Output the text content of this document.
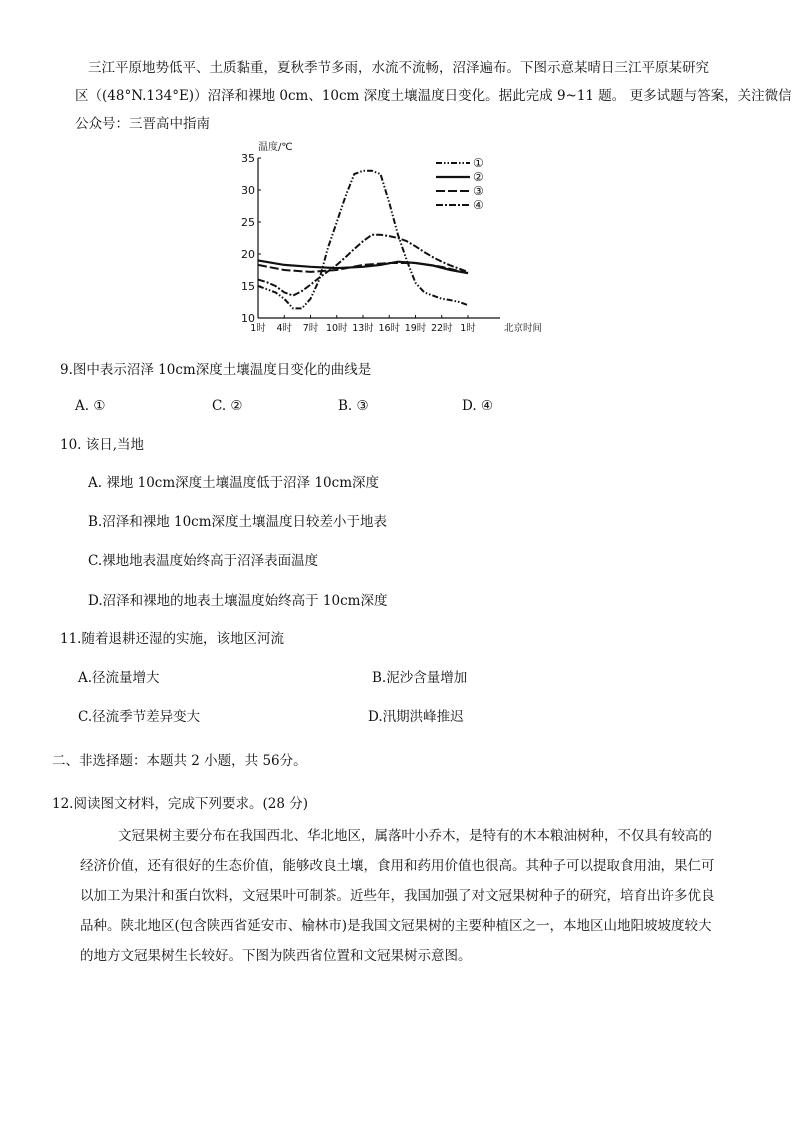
三江平原地势低平、土质黏重，夏秋季节多雨，水流不流畅，沼泽遍布。下图示意某晴日三江平原某研究
区（(48°N.134°E)）沼泽和裸地 0cm、10cm 深度土壤温度日变化。据此完成 9~11 题。 更多试题与答案，关注微信
公众号：三晋高中指南
温度/℃
35
30
25
20
15
10
1时 4时 7时 10时 13时 16时 19时 22时 1时	北京时间
①
②
③
④
9.图中表示沼泽 10cm深度土壤温度日变化的曲线是
A. ①	C. ②	B. ③	D. ④
10. 该日,当地
A. 裸地 10cm深度土壤温度低于沼泽 10cm深度
B.沼泽和裸地 10cm深度土壤温度日较差小于地表
C.裸地地表温度始终高于沼泽表面温度
D.沼泽和裸地的地表土壤温度始终高于 10cm深度
11.随着退耕还湿的实施，该地区河流
A.径流量增大	B.泥沙含量增加
C.径流季节差异变大	D.汛期洪峰推迟
二、非选择题：本题共 2 小题，共 56分。
12.阅读图文材料，完成下列要求。(28 分)
文冠果树主要分布在我国西北、华北地区，属落叶小乔木，是特有的木本粮油树种，不仅具有较高的
经济价值，还有很好的生态价值，能够改良土壤，食用和药用价值也很高。其种子可以提取食用油，果仁可
以加工为果汁和蛋白饮料，文冠果叶可制茶。近些年，我国加强了对文冠果树种子的研究，培育出许多优良
品种。陕北地区(包含陕西省延安市、榆林市)是我国文冠果树的主要种植区之一，本地区山地阳坡坡度较大
的地方文冠果树生长较好。下图为陕西省位置和文冠果树示意图。
